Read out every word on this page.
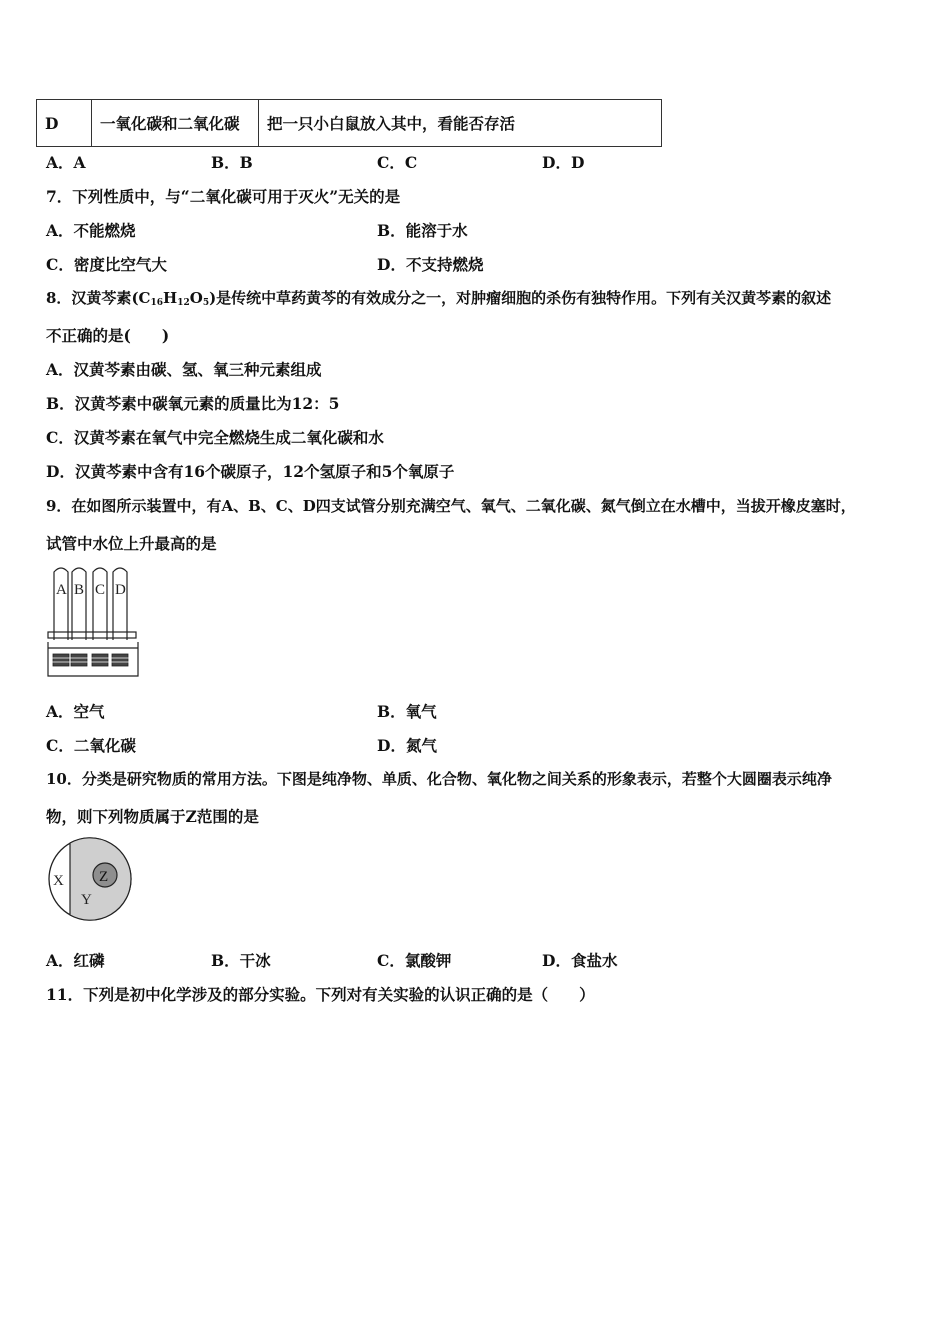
D	一氧化碳和二氧化碳	把一只小白鼠放入其中，看能否存活
A．A	B．B	C．C	D．D
7．下列性质中，与“二氧化碳可用于灭火”无关的是
A．不能燃烧	B．能溶于水
C．密度比空气大	D．不支持燃烧
8．汉黄芩素$(C_{16}H_{12}O_5)$是传统中草药黄芩的有效成分之一，对肿瘤细胞的杀伤有独特作用。下列有关汉黄芩素的叙述
不正确的是(　　)
A．汉黄芩素由碳、氢、氧三种元素组成
B．汉黄芩素中碳氧元素的质量比为12：5
C．汉黄芩素在氧气中完全燃烧生成二氧化碳和水
D．汉黄芩素中含有16个碳原子，12个氢原子和5个氧原子
9．在如图所示装置中，有A、B、C、D四支试管分别充满空气、氧气、二氧化碳、氮气倒立在水槽中，当拔开橡皮塞时，
试管中水位上升最高的是
A B C D
A．空气	B．氧气
C．二氧化碳	D．氮气
10．分类是研究物质的常用方法。下图是纯净物、单质、化合物、氧化物之间关系的形象表示，若整个大圆圈表示纯净
物，则下列物质属于Z范围的是
X
Y
Z
A．红磷	B．干冰	C．氯酸钾	D．食盐水
11．下列是初中化学涉及的部分实验。下列对有关实验的认识正确的是（　　）
